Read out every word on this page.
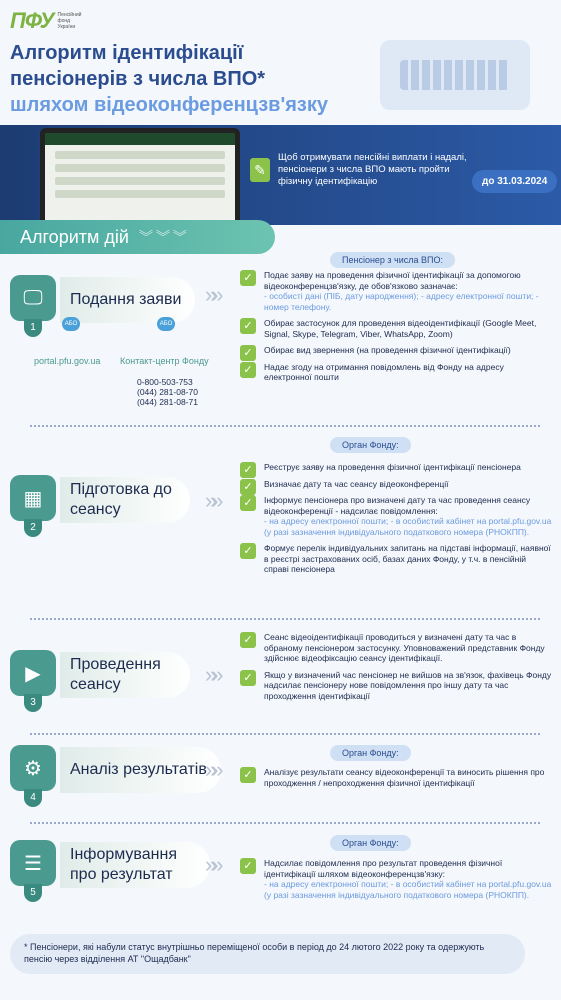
ПФУ Пенсійний
фонд
України
Алгоритм ідентифікації
пенсіонерів з числа ВПО*
шляхом відеоконференцзв'язку
✎
Щоб отримувати пенсійні виплати і надалі, пенсіонери з числа ВПО мають пройти фізичну ідентифікацію	до 31.03.2024
Алгоритм дій ︾︾︾
🖵
1
Подання заяви	»»
Пенсіонер з числа ВПО:
✓	Подає заяву на проведення фізичної ідентифікації за допомогою відеоконференцзв'язку, де обов'язково зазначає:
- особисті дані (ПІБ, дату народження); - адресу електронної пошти; - номер телефону.
✓	Обирає застосунок для проведення відеоідентифікації (Google Meet, Signal, Skype, Telegram, Viber, WhatsApp, Zoom)
✓	Обирає вид звернення (на проведення фізичної ідентифікації)
✓	Надає згоду на отримання повідомлень від Фонду на адресу електронної пошти
АБО	АБО
portal.pfu.gov.ua Контакт-центр Фонду
0-800-503-753
(044) 281-08-70
(044) 281-08-71
Орган Фонду:
▦
2
Підготовка до сеансу	»»
✓	Реєструє заяву на проведення фізичної ідентифікації пенсіонера
✓	Визначає дату та час сеансу відеоконференції
✓	Інформує пенсіонера про визначені дату та час проведення сеансу відеоконференції - надсилає повідомлення:
- на адресу електронної пошти; - в особистий кабінет на portal.pfu.gov.ua (у разі зазначення індивідуального податкового номера (РНОКПП).
✓	Формує перелік індивідуальних запитань на підставі інформації, наявної в реєстрі застрахованих осіб, базах даних Фонду, у т.ч. в пенсійній справі пенсіонера
▶
3
Проведення сеансу	»»
✓	Сеанс відеоідентифікації проводиться у визначені дату та час в обраному пенсіонером застосунку. Уповноважений представник Фонду здійснює відеофіксацію сеансу ідентифікації.
✓	Якщо у визначений час пенсіонер не вийшов на зв'язок, фахівець Фонду надсилає пенсіонеру нове повідомлення про іншу дату та час проходження ідентифікації
Орган Фонду:
⚙
4
Аналіз результатів
»»	✓	Аналізує результати сеансу відеоконференції та виносить рішення про проходження / непроходження фізичної ідентифікації
Орган Фонду:
☰
5
Інформування про результат	»»	✓	Надсилає повідомлення про результат проведення фізичної ідентифікації шляхом відеоконференцзв'язку:
- на адресу електронної пошти; - в особистий кабінет на portal.pfu.gov.ua (у разі зазначення індивідуального податкового номера (РНОКПП).
* Пенсіонери, які набули статус внутрішньо переміщеної особи в період до 24 лютого 2022 року та одержують пенсію через відділення АТ "Ощадбанк"
